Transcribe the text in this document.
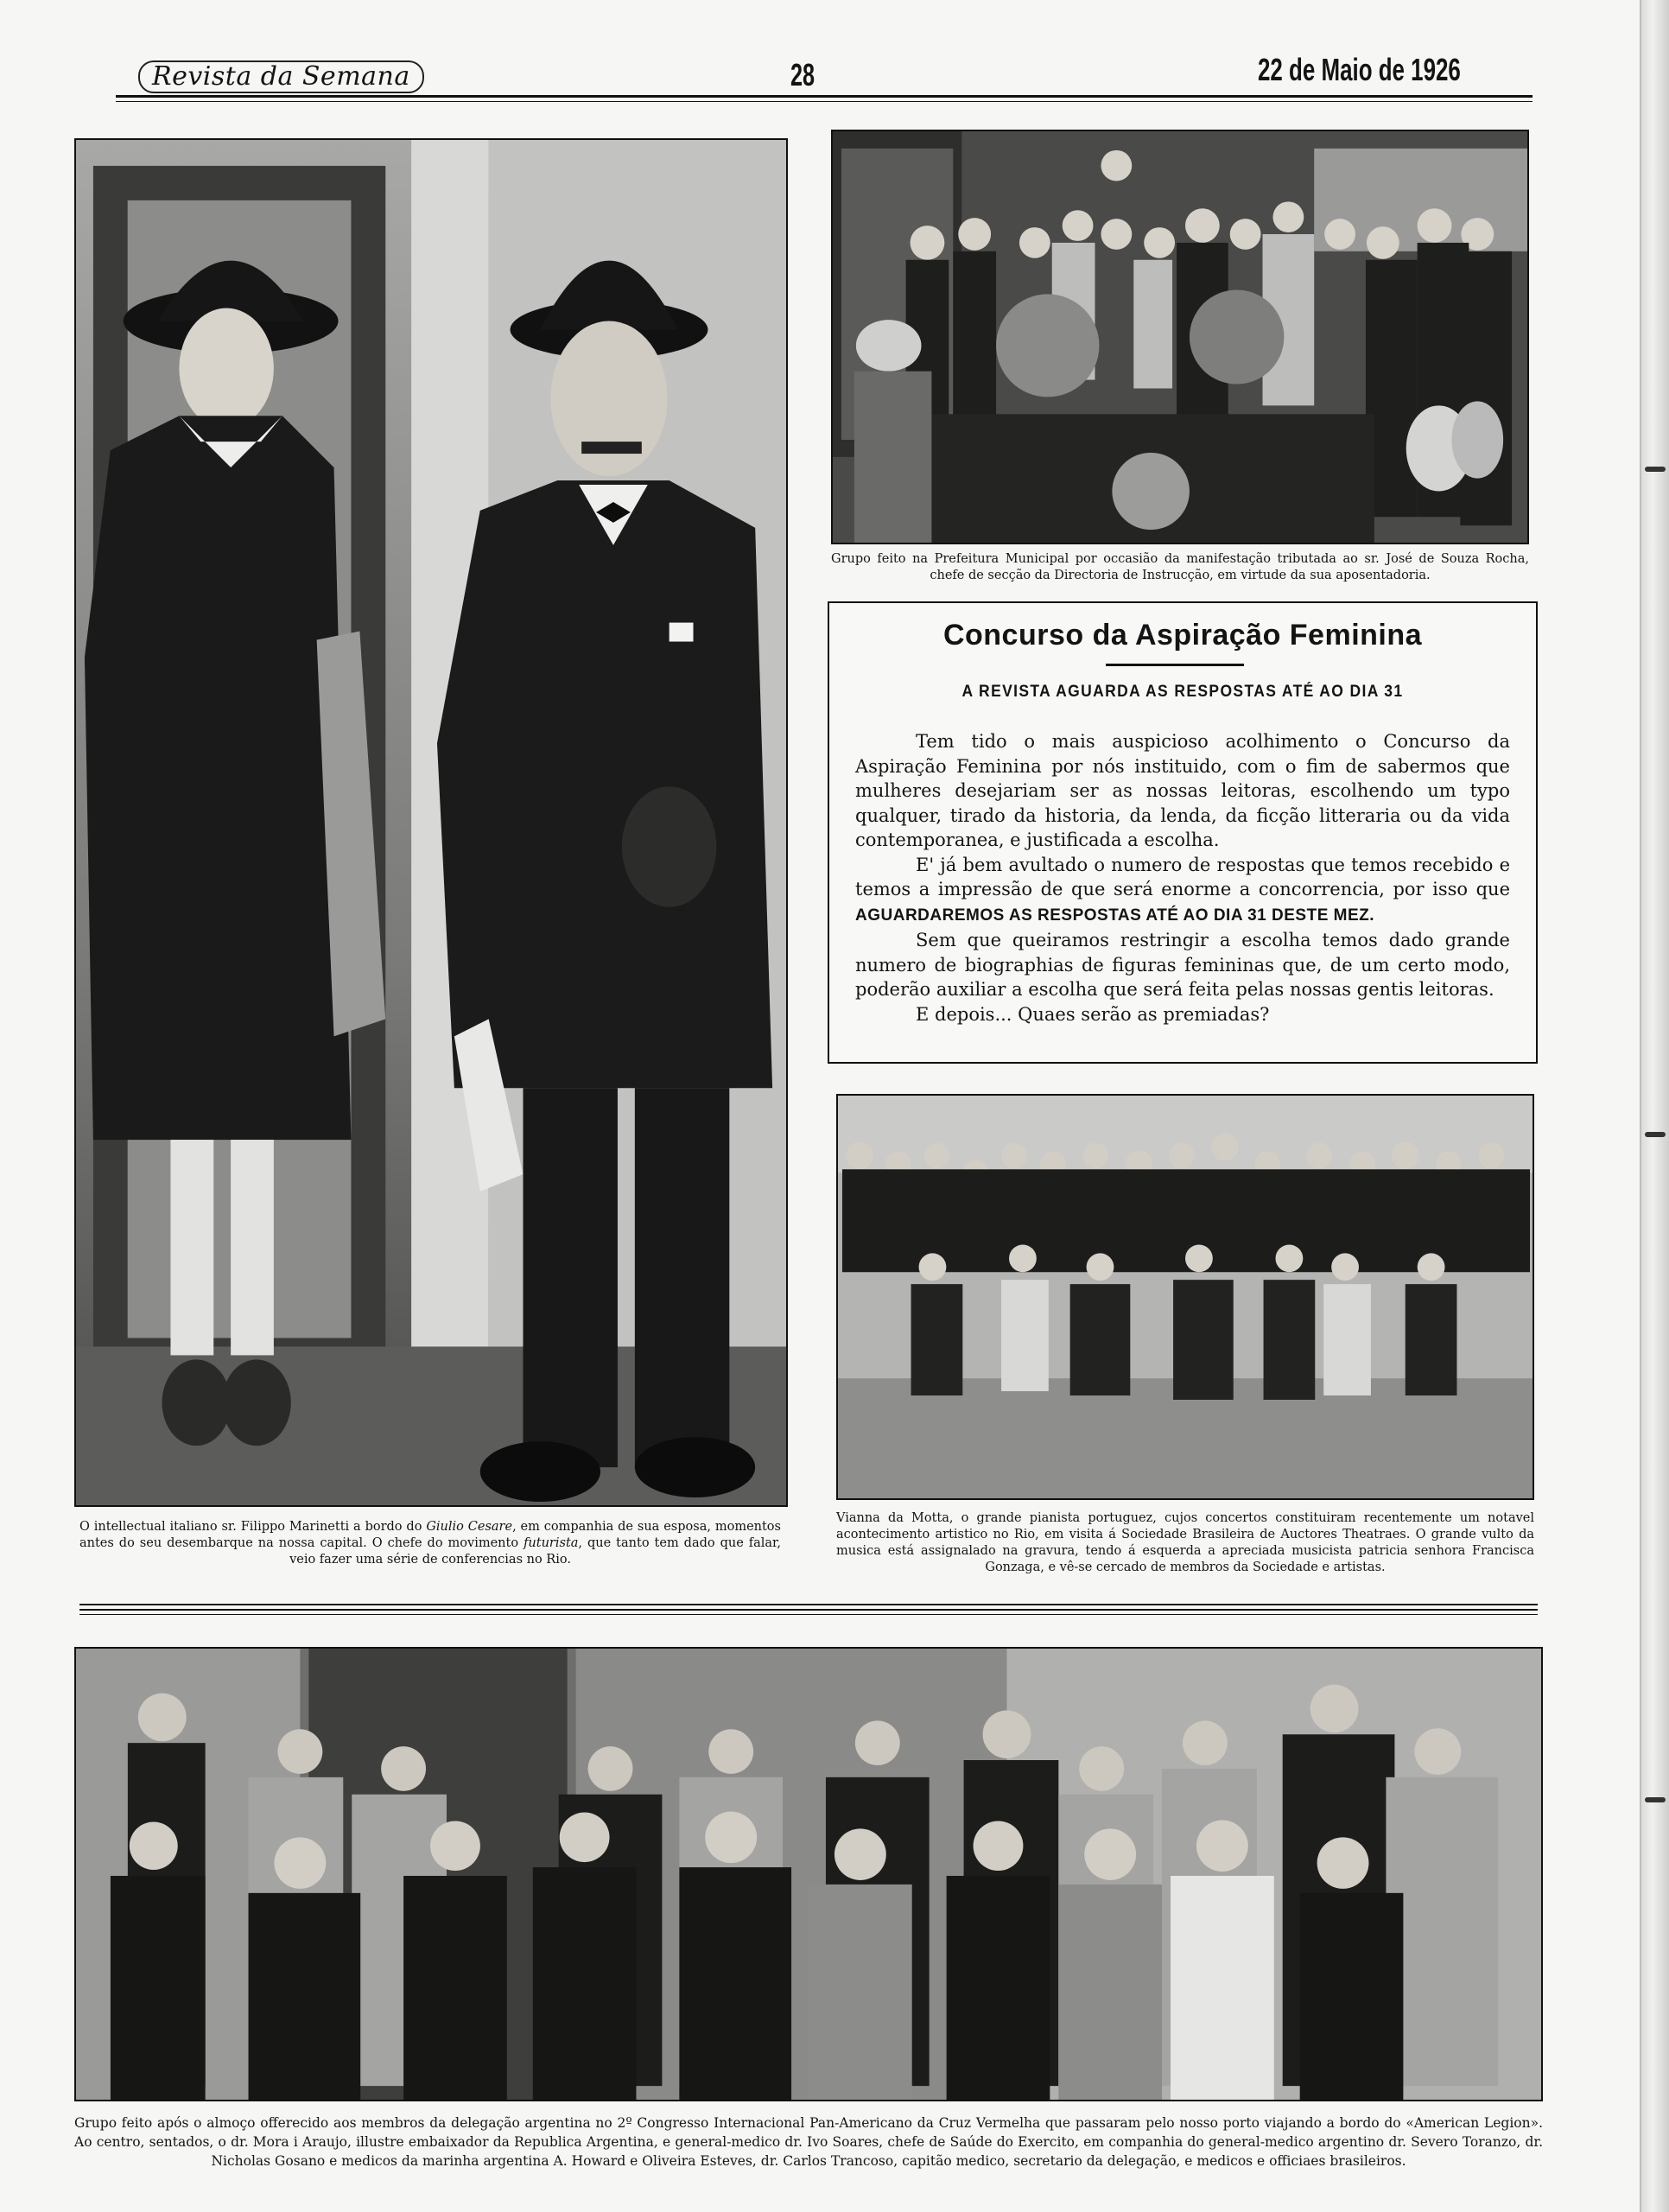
Revista da Semana	28	22 de Maio de 1926

O intellectual italiano sr. Filippo Marinetti a bordo do Giulio Cesare, em companhia de sua esposa, momentos antes do seu desembarque na nossa capital. O chefe do movimento futurista, que tanto tem dado que falar, veio fazer uma série de conferencias no Rio.

Grupo feito na Prefeitura Municipal por occasião da manifestação tributada ao sr. José de Souza Rocha, chefe de secção da Directoria de Instrucção, em virtude da sua aposentadoria.

Concurso da Aspiração Feminina
A REVISTA AGUARDA AS RESPOSTAS ATÉ AO DIA 31

Tem tido o mais auspicioso acolhimento o Concurso da Aspiração Feminina por nós instituido, com o fim de sabermos que mulheres desejariam ser as nossas leitoras, escolhendo um typo qualquer, tirado da historia, da lenda, da ficção litteraria ou da vida contemporanea, e justificada a escolha.

E' já bem avultado o numero de respostas que temos recebido e temos a impressão de que será enorme a concorrencia, por isso que AGUARDAREMOS AS RESPOSTAS ATÉ AO DIA 31 DESTE MEZ.

Sem que queiramos restringir a escolha temos dado grande numero de biographias de figuras femininas que, de um certo modo, poderão auxiliar a escolha que será feita pelas nossas gentis leitoras.

E depois... Quaes serão as premiadas?

Vianna da Motta, o grande pianista portuguez, cujos concertos constituiram recentemente um notavel acontecimento artistico no Rio, em visita á Sociedade Brasileira de Auctores Theatraes. O grande vulto da musica está assignalado na gravura, tendo á esquerda a apreciada musicista patricia senhora Francisca Gonzaga, e vê-se cercado de membros da Sociedade e artistas.

Grupo feito após o almoço offerecido aos membros da delegação argentina no 2º Congresso Internacional Pan-Americano da Cruz Vermelha que passaram pelo nosso porto viajando a bordo do «American Legion». Ao centro, sentados, o dr. Mora i Araujo, illustre embaixador da Republica Argentina, e general-medico dr. Ivo Soares, chefe de Saúde do Exercito, em companhia do general-medico argentino dr. Severo Toranzo, dr. Nicholas Gosano e medicos da marinha argentina A. Howard e Oliveira Esteves, dr. Carlos Trancoso, capitão medico, secretario da delegação, e medicos e officiaes brasileiros.
